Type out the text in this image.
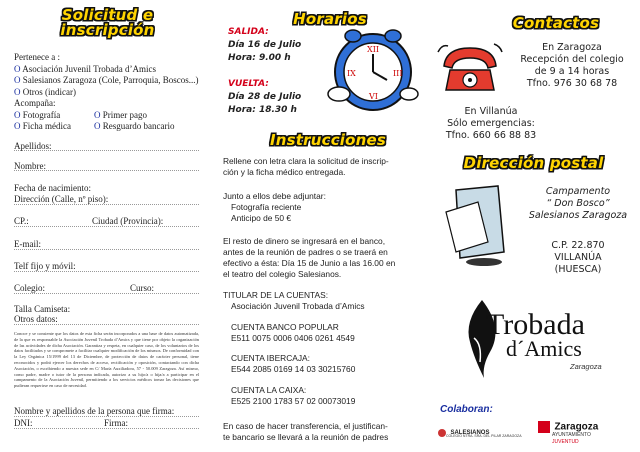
Solicitud e
inscripción
Pertenece a :
O Asociación Juvenil Trobada d’Amics
O Salesianos Zaragoza (Cole, Parroquia, Boscos...)
O Otros (indicar)
Acompaña:
O Fotografía	O Primer pago
O Ficha médica	O Resguardo bancario
Apellidos:
Nombre:
Fecha de nacimiento:
Dirección (Calle, nº piso):
CP.:	Ciudad (Provincia):
E-mail:
Telf fijo y móvil:
Colegio:	Curso:
Talla Camiseta:
Otros datos:
Conoce y se consiente que los datos de esta ficha serán incorporados a una base de datos automatizada, de la que es responsable la Asociación Juvenil Trobada d’Amics y que tiene por objeto la organización de las actividades de dicha Asociación. Garantiza y respeta, en cualquier caso, de los voluntarios de los datos facilitados y se compromete a facilitar cualquier modificación de los mismos. De conformidad con la Ley Orgánica 15/1999 del 13 de Diciembre, de protección de datos de carácter personal, tiene reconocidos y podrá ejercer los derechos de acceso, rectificación y oposición, contactando con dicha Asociación, o escribiendo a nuestra sede en C/ María Auxiliadora, 57 - 50.009 Zaragoza. Así mismo, como padre, madre o tutor de la persona indicada, autorizo a su hijo/a o hija/a a participar en el campamento de la Asociación Juvenil, permitiendo a los servicios médicos tomar las decisiones que pudieran requerirse en caso de necesidad.
Nombre y apellidos de la persona que firma:
DNI:	Firma:
Horarios
SALIDA:
Día 16 de Julio
Hora: 9.00 h
VUELTA:
Día 28 de Julio
Hora: 18.30 h
XII
III
VI
IX
Instrucciones
Rellene con letra clara la solicitud de inscrip-
ción y la ficha médico entregada.
Junto a ellos debe adjuntar:
Fotografía reciente
Anticipo de 50 €
El resto de dinero se ingresará en el banco,
antes de la reunión de padres o se traerá en
efectivo a ésta: Día 15 de Junio a las 16.00 en
el teatro del colegio Salesianos.
TITULAR DE LA CUENTAS:
Asociación Juvenil Trobada d’Amics
CUENTA BANCO POPULAR
E511 0075 0006 0406 0261 4549
CUENTA IBERCAJA:
E544 2085 0169 14 03 30215760
CUENTA LA CAIXA:
E525 2100 1783 57 02 00073019
En caso de hacer transferencia, el justifican-
te bancario se llevará a la reunión de padres
Contactos
En Zaragoza
Recepción del colegio
de 9 a 14 horas
Tfno. 976 30 68 78
En Villanúa
Sólo emergencias:
Tfno. 660 66 88 83
Dirección postal
Campamento
“ Don Bosco”
Salesianos Zaragoza
C.P. 22.870
VILLANÚA
(HUESCA)
Trobada
d´Amics
Zaragoza
Colaboran:
SALESIANOS
COLEGIO NTRA. SRA. DEL PILAR ZARAGOZA
Zaragoza
AYUNTAMIENTO
JUVENTUD
